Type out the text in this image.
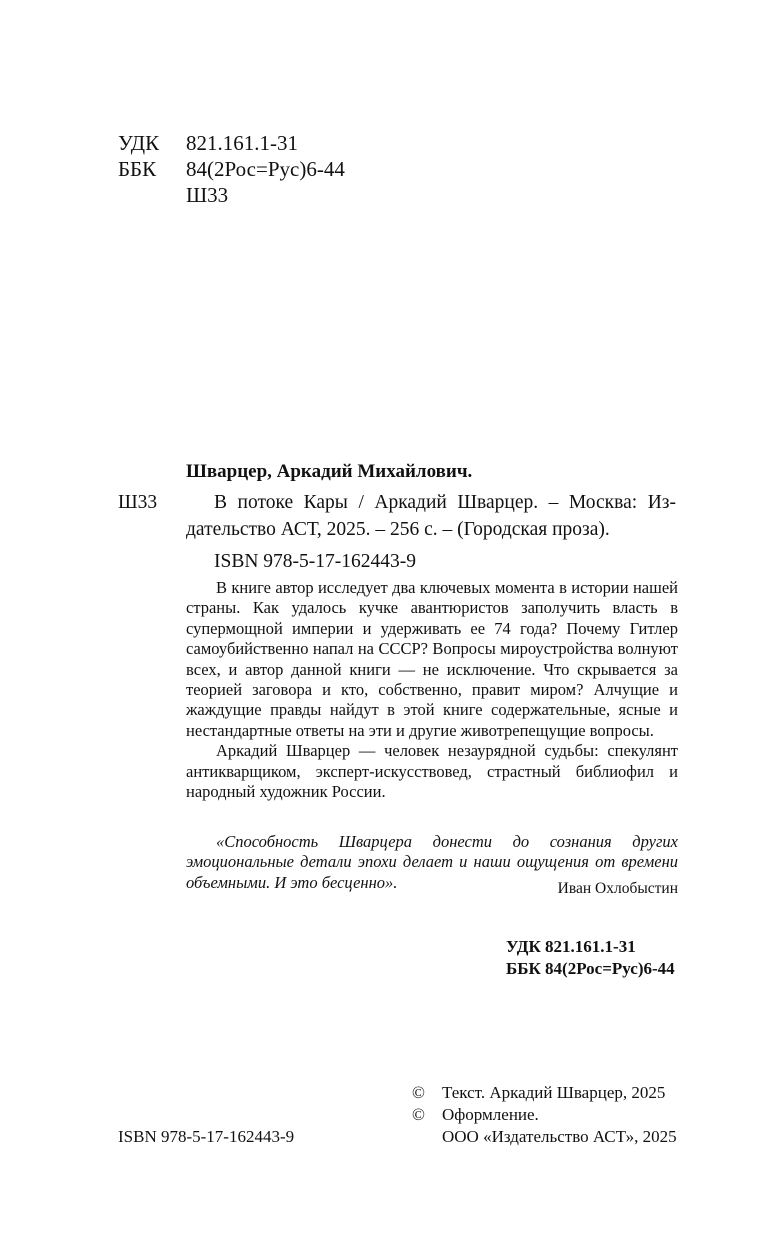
УДК 821.161.1-31
ББК 84(2Рос=Рус)6-44
Ш33
Шварцер, Аркадий Михайлович.
Ш33	В потоке Кары / Аркадий Шварцер. – Москва: Из-
дательство АСТ, 2025. – 256 с. – (Городская проза).
ISBN 978-5-17-162443-9

В книге автор исследует два ключевых момента в истории нашей страны. Как удалось кучке авантюристов заполучить власть в супермощной империи и удерживать ее 74 года? Почему Гитлер самоубийственно напал на СССР? Вопросы мироустройства волнуют всех, и автор данной книги — не исключение. Что скрывается за теорией заговора и кто, собственно, правит миром? Алчущие и жаждущие правды найдут в этой книге содержательные, ясные и нестандартные ответы на эти и другие животрепещущие вопросы.

Аркадий Шварцер — человек незаурядной судьбы: спекулянт антикварщиком, эксперт-искусствовед, страстный библиофил и народный художник России.

«Способность Шварцера донести до сознания других эмоциональные детали эпохи делает и наши ощущения от времени объемными. И это бесценно».	Иван Охлобыстин
УДК 821.161.1-31
ББК 84(2Рос=Рус)6-44
© Текст. Аркадий Шварцер, 2025
© Оформление.
ООО «Издательство АСТ», 2025
ISBN 978-5-17-162443-9
